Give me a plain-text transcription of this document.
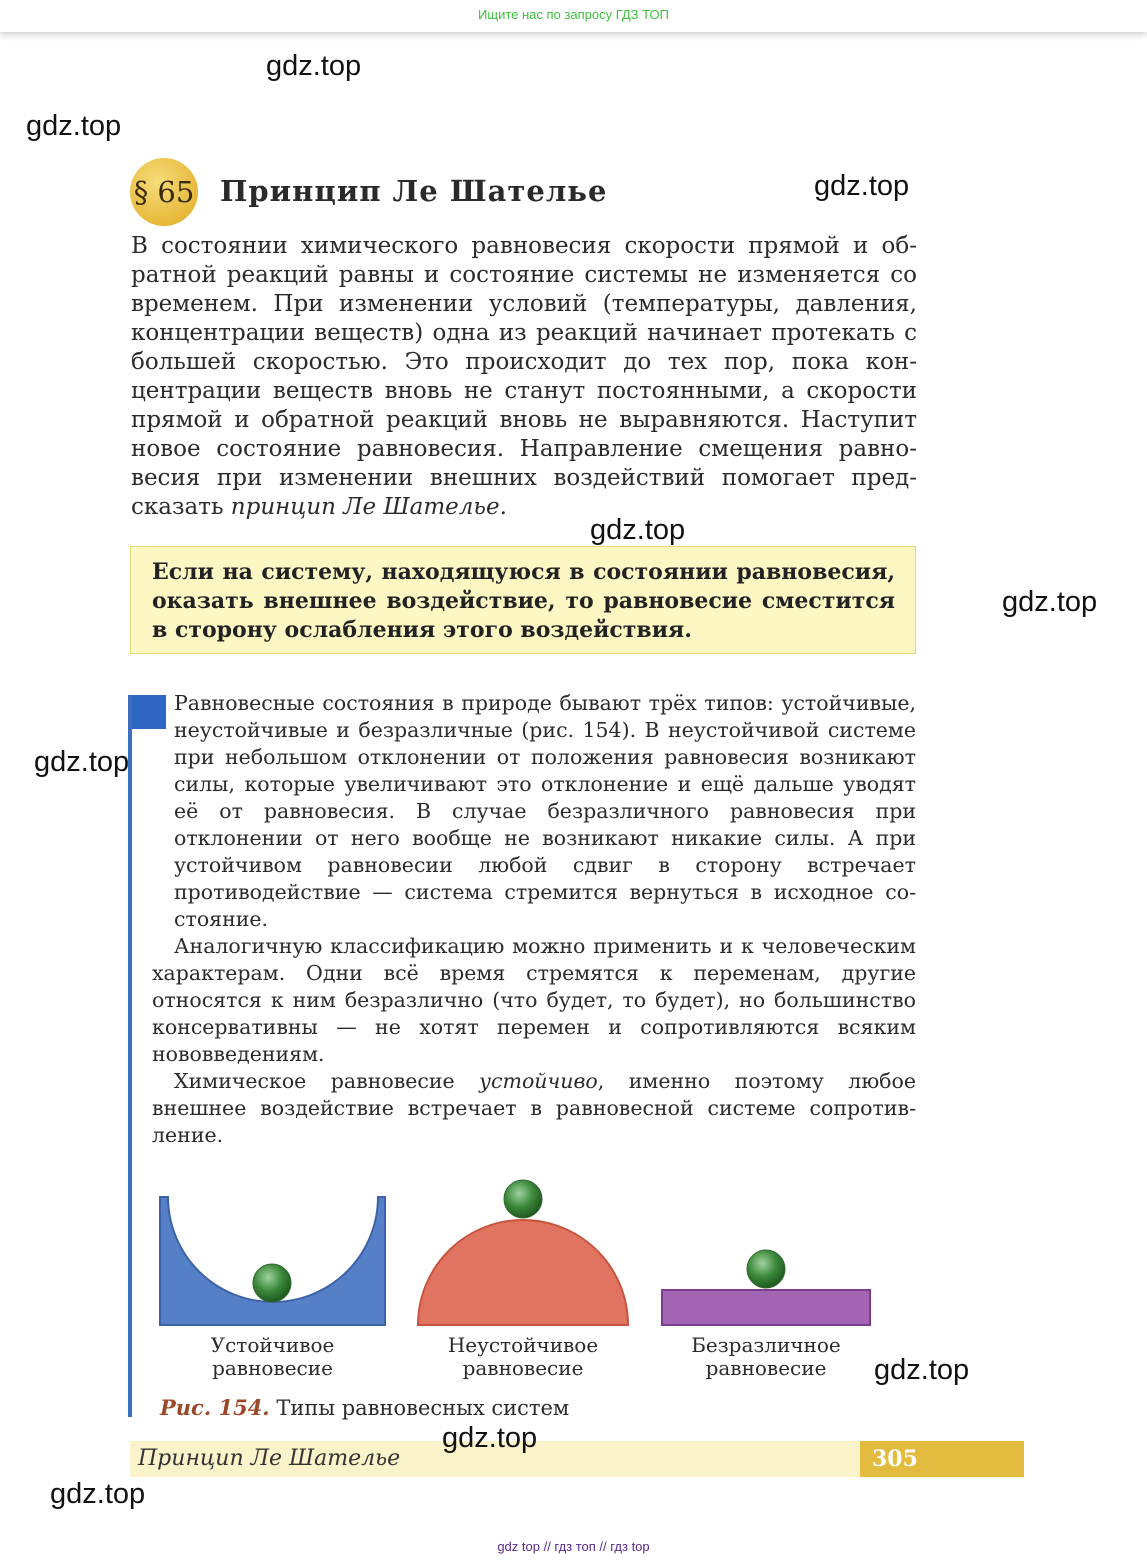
Ищите нас по запросу ГДЗ ТОП
gdz.top
gdz.top
gdz.top
gdz.top
gdz.top
gdz.top
gdz.top
gdz.top
gdz.top
§ 65 Принцип Ле Шателье

В состоянии химического равновесия скорости прямой и обратной реакций равны и состояние системы не изменяется со временем. При изменении условий (температуры, давления, концентрации веществ) одна из реакций начинает протекать с большей скоростью. Это происходит до тех пор, пока концентрации веществ вновь не станут постоянными, а скорости прямой и обратной реакций вновь не выравняются. Наступит новое состояние равновесия. Направление смещения равновесия при изменении внешних воздействий помогает предсказать принцип Ле Шателье.

Если на систему, находящуюся в состоянии равновесия, оказать внешнее воздействие, то равновесие сместится в сторону ослабления этого воздействия.

Равновесные состояния в природе бывают трёх типов: устойчивые, неустойчивые и безразличные (рис. 154). В неустойчивой системе при небольшом отклонении от положения равновесия возникают силы, которые увеличивают это отклонение и ещё дальше уводят её от равновесия. В случае безразличного равновесия при отклонении от него вообще не возникают никакие силы. А при устойчивом равновесии любой сдвиг в сторону встречает противодействие — система стремится вернуться в исходное состояние.

Аналогичную классификацию можно применить и к человеческим характерам. Одни всё время стремятся к переменам, другие относятся к ним безразлично (что будет, то будет), но большинство консервативны — не хотят перемен и сопротивляются всяким нововведениям.

Химическое равновесие устойчиво, именно поэтому любое внешнее воздействие встречает в равновесной системе сопротивление.

Устойчивое равновесие
Неустойчивое равновесие
Безразличное равновесие
Рис. 154. Типы равновесных систем
Принцип Ле Шателье	305
gdz top // гдз топ // гдз top
